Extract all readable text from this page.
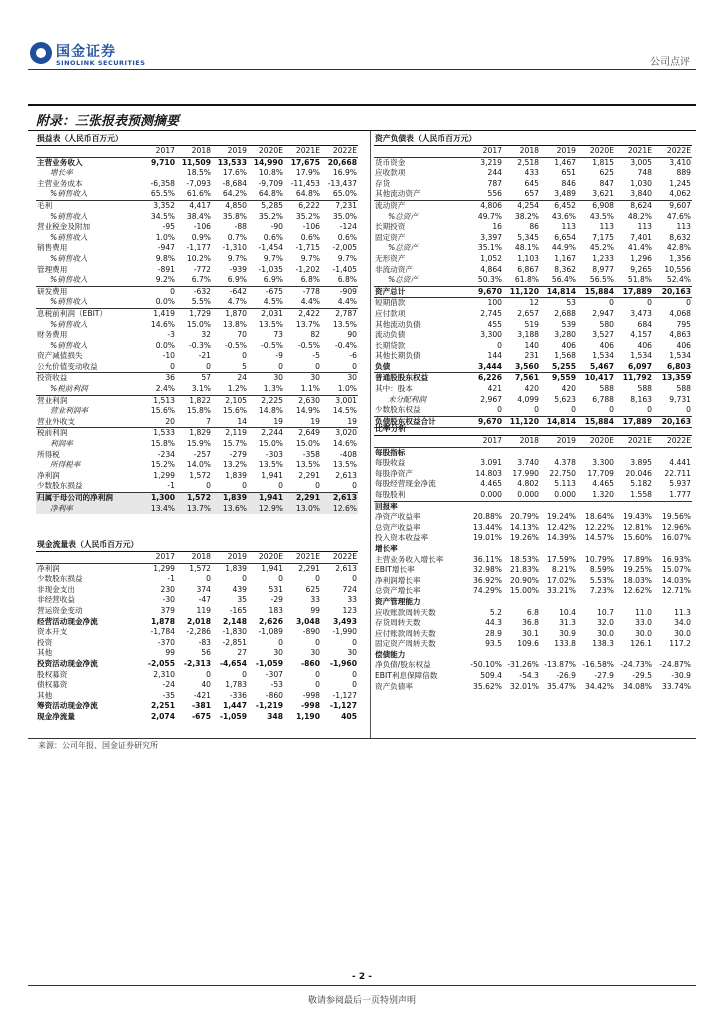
国金证券
SINOLINK SECURITIES	公司点评
附录：三张报表预测摘要
损益表（人民币百万元）						
	2017	2018	2019	2020E	2021E	2022E
主营业务收入	9,710	11,509	13,533	14,990	17,675	20,668
增长率		18.5%	17.6%	10.8%	17.9%	16.9%
主营业务成本	-6,358	-7,093	-8,684	-9,709	-11,453	-13,437
%销售收入	65.5%	61.6%	64.2%	64.8%	64.8%	65.0%
毛利	3,352	4,417	4,850	5,285	6,222	7,231
%销售收入	34.5%	38.4%	35.8%	35.2%	35.2%	35.0%
营业税金及附加	-95	-106	-88	-90	-106	-124
%销售收入	1.0%	0.9%	0.7%	0.6%	0.6%	0.6%
销售费用	-947	-1,177	-1,310	-1,454	-1,715	-2,005
%销售收入	9.8%	10.2%	9.7%	9.7%	9.7%	9.7%
管理费用	-891	-772	-939	-1,035	-1,202	-1,405
%销售收入	9.2%	6.7%	6.9%	6.9%	6.8%	6.8%
研发费用	0	-632	-642	-675	-778	-909
%销售收入	0.0%	5.5%	4.7%	4.5%	4.4%	4.4%
息税前利润（EBIT）	1,419	1,729	1,870	2,031	2,422	2,787
%销售收入	14.6%	15.0%	13.8%	13.5%	13.7%	13.5%
财务费用	-3	32	70	73	82	90
%销售收入	0.0%	-0.3%	-0.5%	-0.5%	-0.5%	-0.4%
资产减值损失	-10	-21	0	-9	-5	-6
公允价值变动收益	0	0	5	0	0	0
投资收益	36	57	24	30	30	30
%税前利润	2.4%	3.1%	1.2%	1.3%	1.1%	1.0%
营业利润	1,513	1,822	2,105	2,225	2,630	3,001
营业利润率	15.6%	15.8%	15.6%	14.8%	14.9%	14.5%
营业外收支	20	7	14	19	19	19
税前利润	1,533	1,829	2,119	2,244	2,649	3,020
利润率	15.8%	15.9%	15.7%	15.0%	15.0%	14.6%
所得税	-234	-257	-279	-303	-358	-408
所得税率	15.2%	14.0%	13.2%	13.5%	13.5%	13.5%
净利润	1,299	1,572	1,839	1,941	2,291	2,613
少数股东损益	-1	0	0	0	0	0
归属于母公司的净利润	1,300	1,572	1,839	1,941	2,291	2,613
净利率	13.4%	13.7%	13.6%	12.9%	13.0%	12.6%
现金流量表（人民币百万元）						
	2017	2018	2019	2020E	2021E	2022E
净利润	1,299	1,572	1,839	1,941	2,291	2,613
少数股东损益	-1	0	0	0	0	0
非现金支出	230	374	439	531	625	724
非经营收益	-30	-47	35	-29	33	33
营运资金变动	379	119	-165	183	99	123
经营活动现金净流	1,878	2,018	2,148	2,626	3,048	3,493
资本开支	-1,784	-2,286	-1,830	-1,089	-890	-1,990
投资	-370	-83	-2,851	0	0	0
其他	99	56	27	30	30	30
投资活动现金净流	-2,055	-2,313	-4,654	-1,059	-860	-1,960
股权募资	2,310	0	0	-307	0	0
债权募资	-24	40	1,783	-53	0	0
其他	-35	-421	-336	-860	-998	-1,127
筹资活动现金净流	2,251	-381	1,447	-1,219	-998	-1,127
现金净流量	2,074	-675	-1,059	348	1,190	405
资产负债表（人民币百万元）						
	2017	2018	2019	2020E	2021E	2022E
货币资金	3,219	2,518	1,467	1,815	3,005	3,410
应收款项	244	433	651	625	748	889
存货	787	645	846	847	1,030	1,245
其他流动资产	556	657	3,489	3,621	3,840	4,062
流动资产	4,806	4,254	6,452	6,908	8,624	9,607
%总资产	49.7%	38.2%	43.6%	43.5%	48.2%	47.6%
长期投资	16	86	113	113	113	113
固定资产	3,397	5,345	6,654	7,175	7,401	8,632
%总资产	35.1%	48.1%	44.9%	45.2%	41.4%	42.8%
无形资产	1,052	1,103	1,167	1,233	1,296	1,356
非流动资产	4,864	6,867	8,362	8,977	9,265	10,556
%总资产	50.3%	61.8%	56.4%	56.5%	51.8%	52.4%
资产总计	9,670	11,120	14,814	15,884	17,889	20,163
短期借款	100	12	53	0	0	0
应付款项	2,745	2,657	2,688	2,947	3,473	4,068
其他流动负债	455	519	539	580	684	795
流动负债	3,300	3,188	3,280	3,527	4,157	4,863
长期贷款	0	140	406	406	406	406
其他长期负债	144	231	1,568	1,534	1,534	1,534
负债	3,444	3,560	5,255	5,467	6,097	6,803
普通股股东权益	6,226	7,561	9,559	10,417	11,792	13,359
其中：股本	421	420	420	588	588	588
未分配利润	2,967	4,099	5,623	6,788	8,163	9,731
少数股东权益	0	0	0	0	0	0
负债股东权益合计	9,670	11,120	14,814	15,884	17,889	20,163
比率分析						
	2017	2018	2019	2020E	2021E	2022E
每股指标						
每股收益	3.091	3.740	4.378	3.300	3.895	4.441
每股净资产	14.803	17.990	22.750	17.709	20.046	22.711
每股经营现金净流	4.465	4.802	5.113	4.465	5.182	5.937
每股股利	0.000	0.000	0.000	1.320	1.558	1.777
回报率						
净资产收益率	20.88%	20.79%	19.24%	18.64%	19.43%	19.56%
总资产收益率	13.44%	14.13%	12.42%	12.22%	12.81%	12.96%
投入资本收益率	19.01%	19.26%	14.39%	14.57%	15.60%	16.07%
增长率						
主营业务收入增长率	36.11%	18.53%	17.59%	10.79%	17.89%	16.93%
EBIT增长率	32.98%	21.83%	8.21%	8.59%	19.25%	15.07%
净利润增长率	36.92%	20.90%	17.02%	5.53%	18.03%	14.03%
总资产增长率	74.29%	15.00%	33.21%	7.23%	12.62%	12.71%
资产管理能力						
应收账款周转天数	5.2	6.8	10.4	10.7	11.0	11.3
存货周转天数	44.3	36.8	31.3	32.0	33.0	34.0
应付账款周转天数	28.9	30.1	30.9	30.0	30.0	30.0
固定资产周转天数	93.5	109.6	133.8	138.3	126.1	117.2
偿债能力						
净负债/股东权益	-50.10%	-31.26%	-13.87%	-16.58%	-24.73%	-24.87%
EBIT利息保障倍数	509.4	-54.3	-26.9	-27.9	-29.5	-30.9
资产负债率	35.62%	32.01%	35.47%	34.42%	34.08%	33.74%
来源：公司年报、国金证券研究所
- 2 -
敬请参阅最后一页特别声明
